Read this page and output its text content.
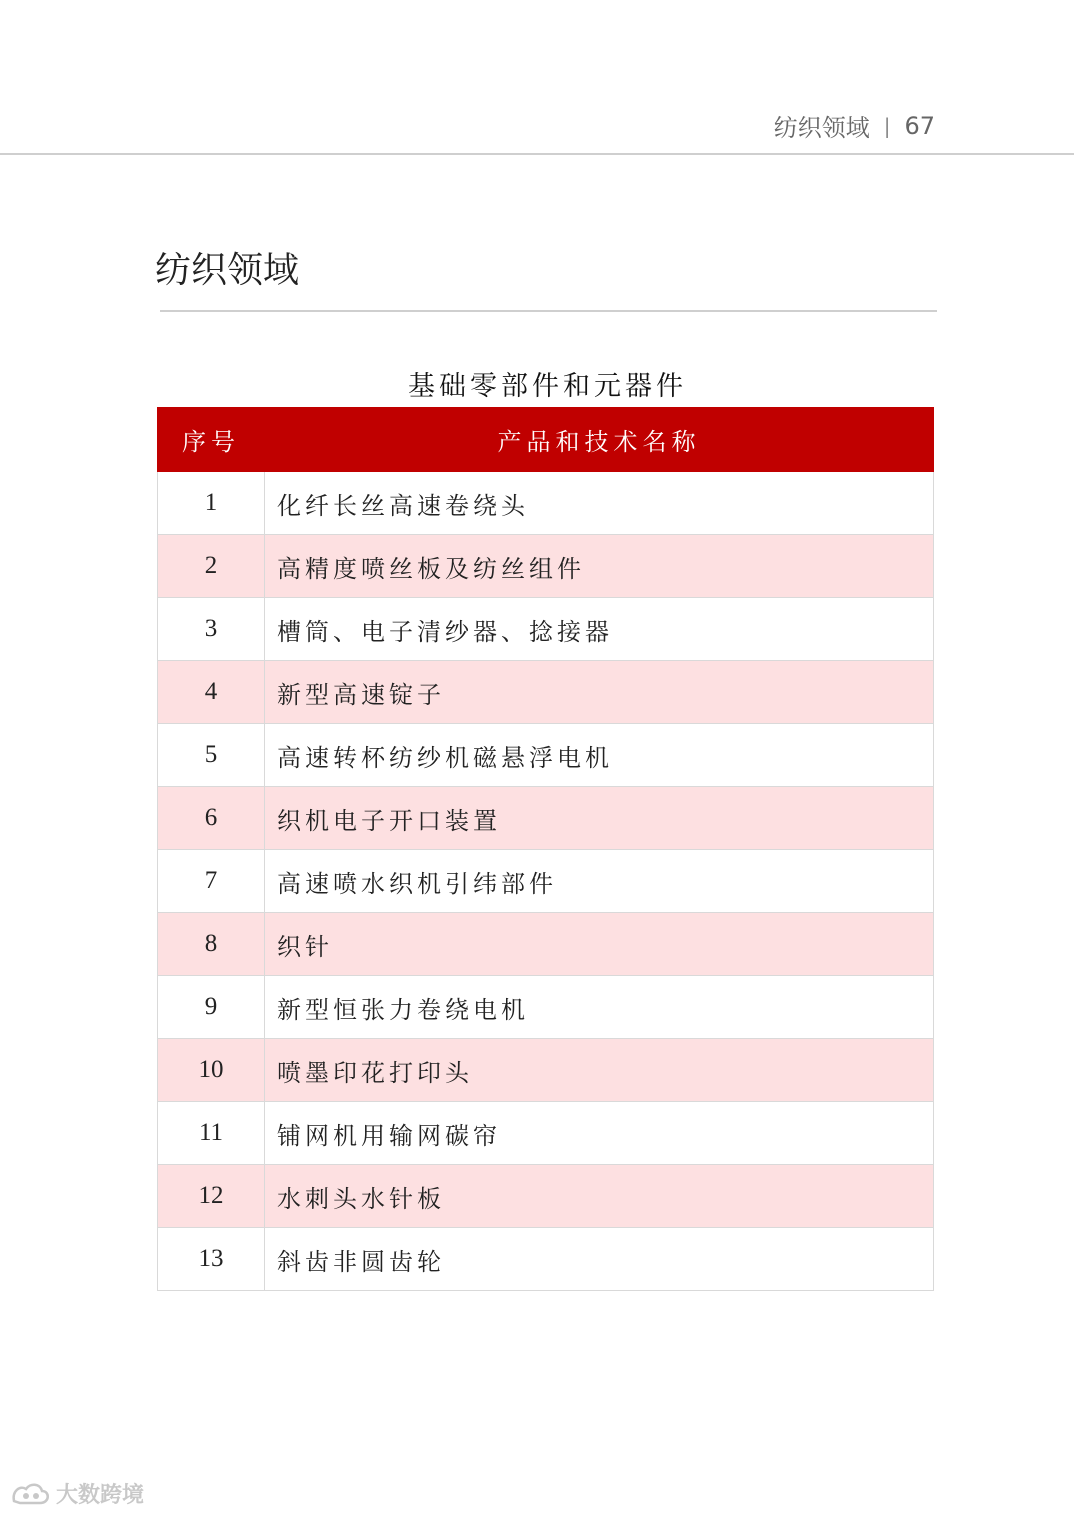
纺织领域 | 67
纺织领域
基础零部件和元器件
序号	产品和技术名称
1	化纤长丝高速卷绕头
2	高精度喷丝板及纺丝组件
3	槽筒、电子清纱器、捻接器
4	新型高速锭子
5	高速转杯纺纱机磁悬浮电机
6	织机电子开口装置
7	高速喷水织机引纬部件
8	织针
9	新型恒张力卷绕电机
10	喷墨印花打印头
11	铺网机用输网碳帘
12	水刺头水针板
13	斜齿非圆齿轮
大数跨境
